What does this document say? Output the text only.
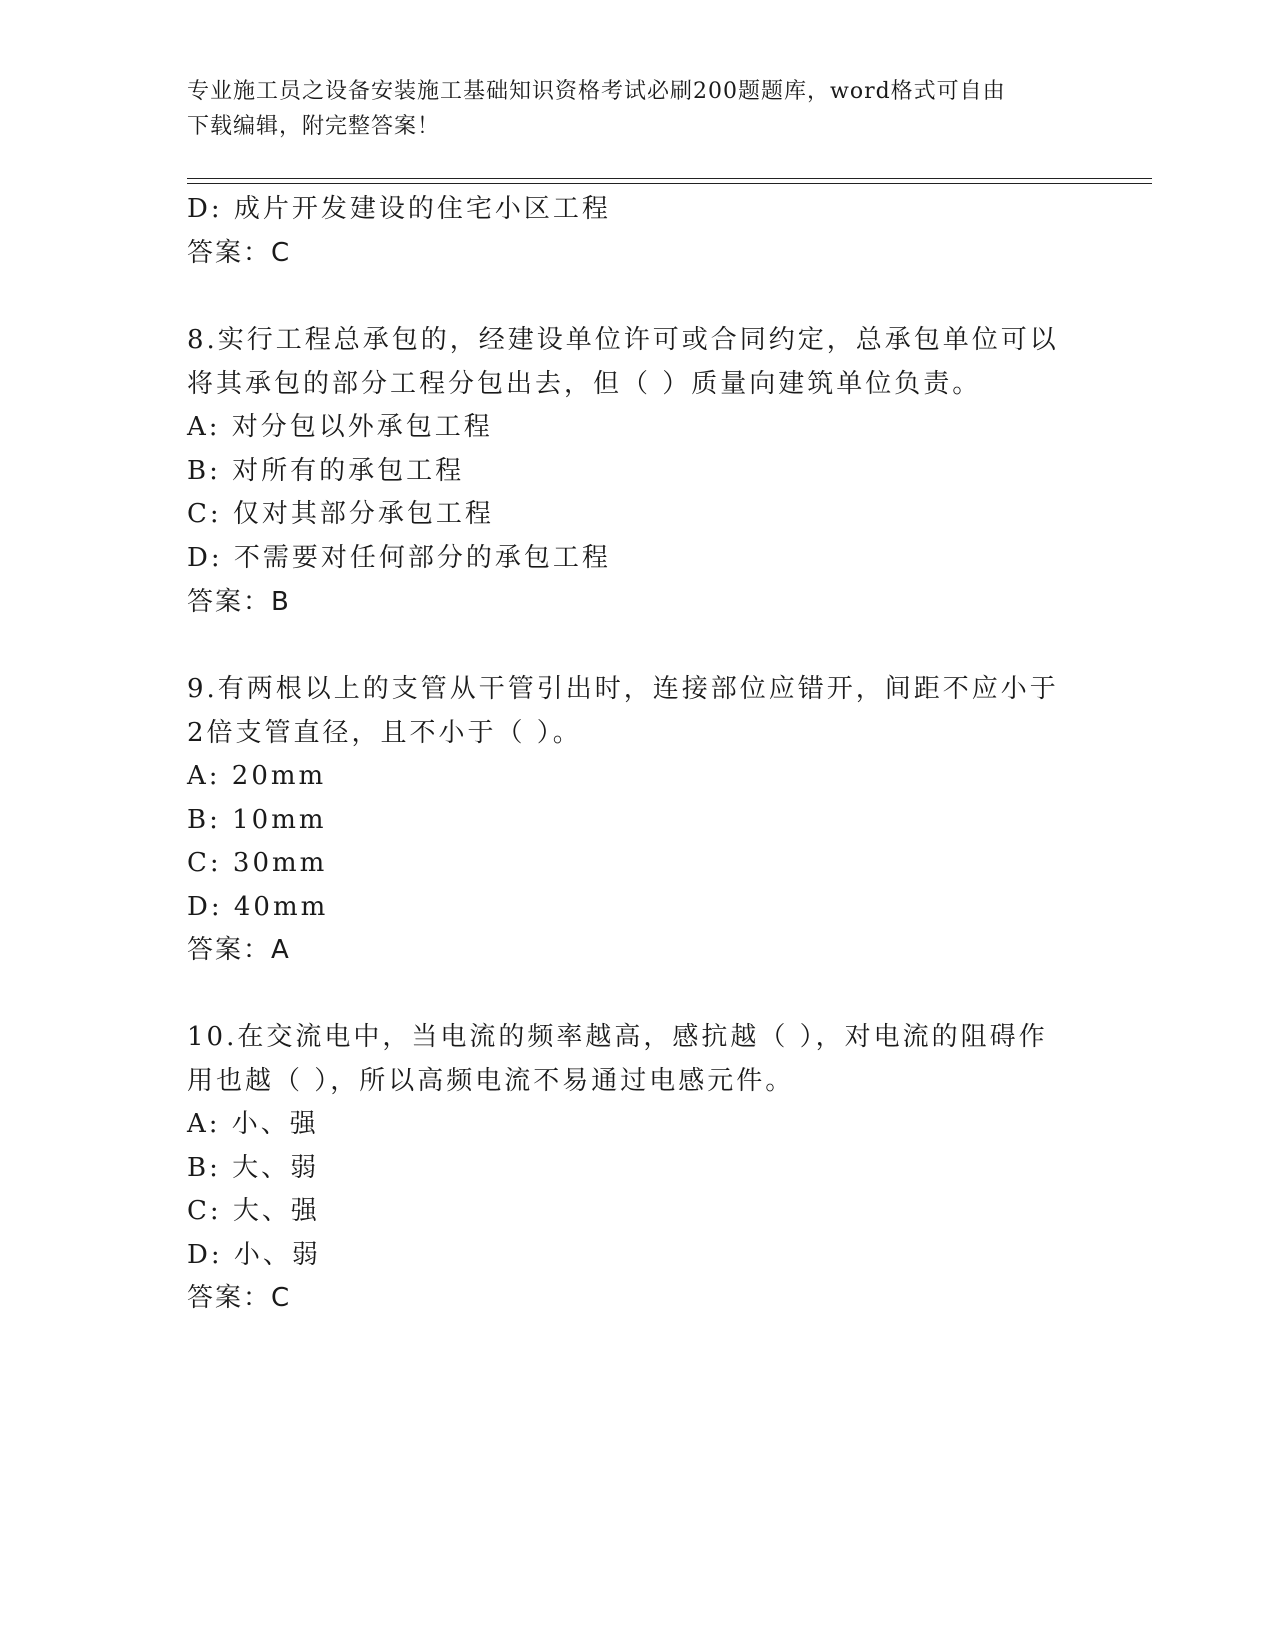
专业施工员之设备安装施工基础知识资格考试必刷200题题库，word格式可自由
下载编辑，附完整答案！
D: 成片开发建设的住宅小区工程
答案：C
8.实行工程总承包的，经建设单位许可或合同约定，总承包单位可以
将其承包的部分工程分包出去，但（ ）质量向建筑单位负责。
A: 对分包以外承包工程
B: 对所有的承包工程
C: 仅对其部分承包工程
D: 不需要对任何部分的承包工程
答案：B
9.有两根以上的支管从干管引出时，连接部位应错开，间距不应小于
2倍支管直径，且不小于（ ）。
A: 20mm
B: 10mm
C: 30mm
D: 40mm
答案：A
10.在交流电中，当电流的频率越高，感抗越（ ），对电流的阻碍作
用也越（ ），所以高频电流不易通过电感元件。
A: 小、强
B: 大、弱
C: 大、强
D: 小、弱
答案：C
